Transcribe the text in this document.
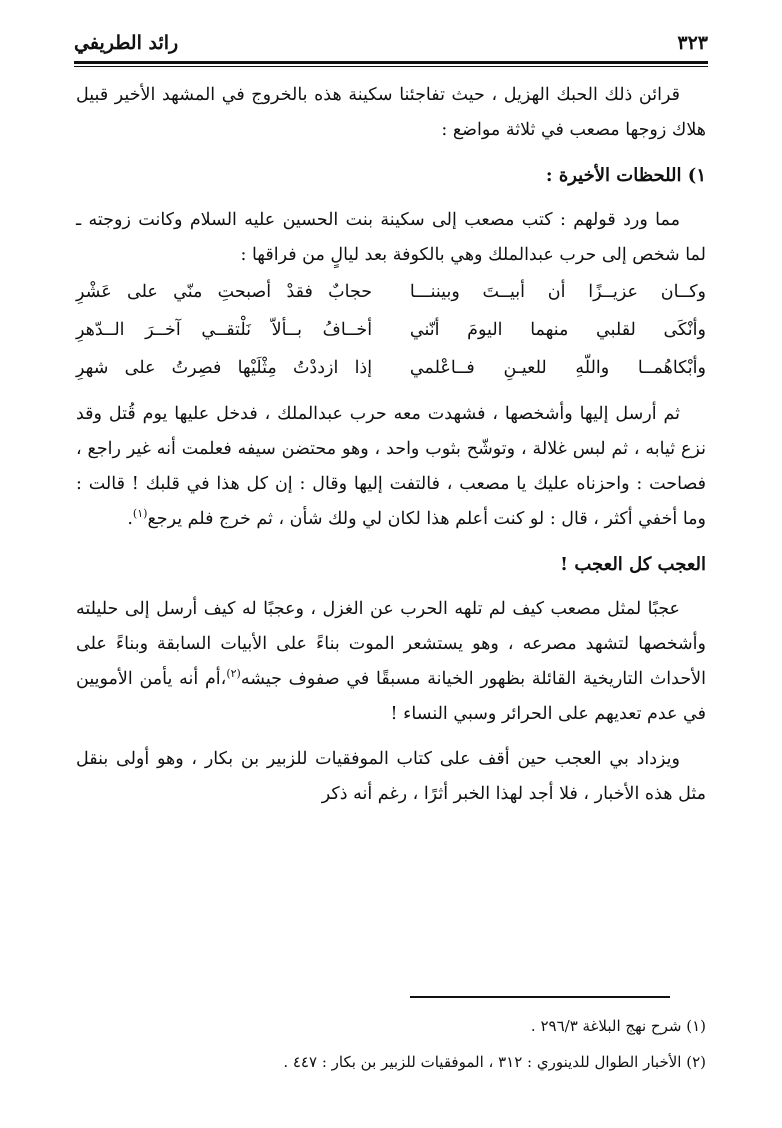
٣٢٣
رائد الطريفي

قرائن ذلك الحبك الهزيل ، حيث تفاجئنا سكينة هذه بالخروج في المشهد الأخير قبيل هلاك زوجها مصعب في ثلاثة مواضع :

١) اللحظات الأخيرة :

مما ورد قولهم : كتب مصعب إلى سكينة بنت الحسين عليه السلام وكانت زوجته ـ لما شخص إلى حرب عبدالملك وهي بالكوفة بعد ليالٍ من فراقها :

وكــان عزيــزًا أن أبيــتَ وبيننـــا
حجابٌ فقدْ أصبحتِ منّي على عَشْرِ
وأنْكَى لقلبي منهما اليومَ أنّني
أخــافُ بــألاّ نَلْتقــي آخــرَ الــدّهرِ
وأبْكاهُمــا واللّهِ للعيـنِ فــاعْلمي
إذا ازددْتُ مِثْلَيْها فصِرتُ على شهرِ

ثم أرسل إليها وأشخصها ، فشهدت معه حرب عبدالملك ، فدخل عليها يوم قُتل وقد نزع ثيابه ، ثم لبس غلالة ، وتوشّح بثوب واحد ، وهو محتضن سيفه فعلمت أنه غير راجع ، فصاحت : واحزناه عليك يا مصعب ، فالتفت إليها وقال : إن كل هذا في قلبك ! قالت : وما أخفي أكثر ، قال : لو كنت أعلم هذا لكان لي ولك شأن ، ثم خرج فلم يرجع$^{(١)}$.

العجب كل العجب !

عجبًا لمثل مصعب كيف لم تلهه الحرب عن الغزل ، وعجبًا له كيف أرسل إلى حليلته وأشخصها لتشهد مصرعه ، وهو يستشعر الموت بناءً على الأبيات السابقة وبناءً على الأحداث التاريخية القائلة بظهور الخيانة مسبقًا في صفوف جيشه$^{(٢)}$،أم أنه يأمن الأمويين في عدم تعديهم على الحرائر وسبي النساء !

ويزداد بي العجب حين أقف على كتاب الموفقيات للزبير بن بكار ، وهو أولى بنقل مثل هذه الأخبار ، فلا أجد لهذا الخبر أثرًا ، رغم أنه ذكر

(١) شرح نهج البلاغة ٢٩٦/٣ .
(٢) الأخبار الطوال للدينوري : ٣١٢ ، الموفقيات للزبير بن بكار : ٤٤٧ .
